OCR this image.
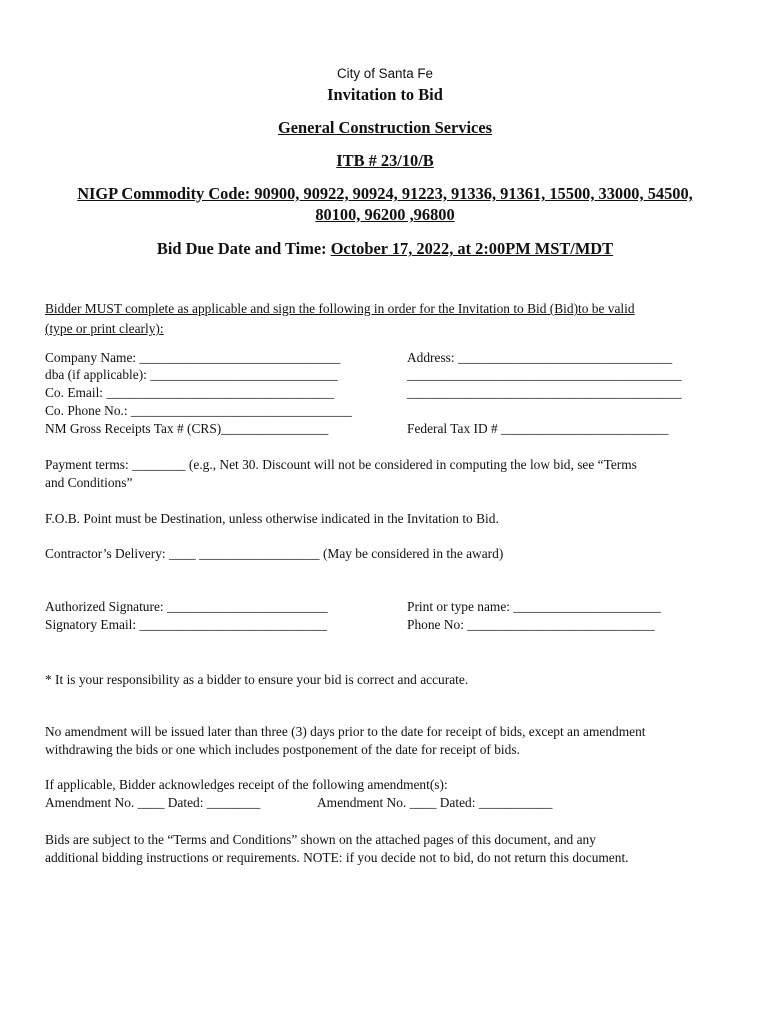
City of Santa Fe
Invitation to Bid
General Construction Services
ITB # 23/10/B
NIGP Commodity Code: 90900, 90922, 90924, 91223, 91336, 91361, 15500, 33000, 54500,
80100, 96200 ,96800
Bid Due Date and Time: October 17, 2022, at 2:00PM MST/MDT
Bidder MUST complete as applicable and sign the following in order for the Invitation to Bid (Bid)to be valid
(type or print clearly):
Company Name: ______________________________
dba (if applicable): ____________________________
Co. Email: __________________________________
Co. Phone No.: _________________________________
NM Gross Receipts Tax # (CRS)________________
Address: ________________________________
_________________________________________
_________________________________________
Federal Tax ID # _________________________
Payment terms: ________ (e.g., Net 30. Discount will not be considered in computing the low bid, see “Terms
and Conditions”
F.O.B. Point must be Destination, unless otherwise indicated in the Invitation to Bid.
Contractor’s Delivery: ____ __________________ (May be considered in the award)
Authorized Signature: ________________________
Signatory Email: ____________________________
Print or type name: ______________________
Phone No: ____________________________
* It is your responsibility as a bidder to ensure your bid is correct and accurate.
No amendment will be issued later than three (3) days prior to the date for receipt of bids, except an amendment
withdrawing the bids or one which includes postponement of the date for receipt of bids.
If applicable, Bidder acknowledges receipt of the following amendment(s):
Amendment No. ____ Dated: ________	Amendment No. ____ Dated: ___________
Bids are subject to the “Terms and Conditions” shown on the attached pages of this document, and any
additional bidding instructions or requirements. NOTE: if you decide not to bid, do not return this document.
